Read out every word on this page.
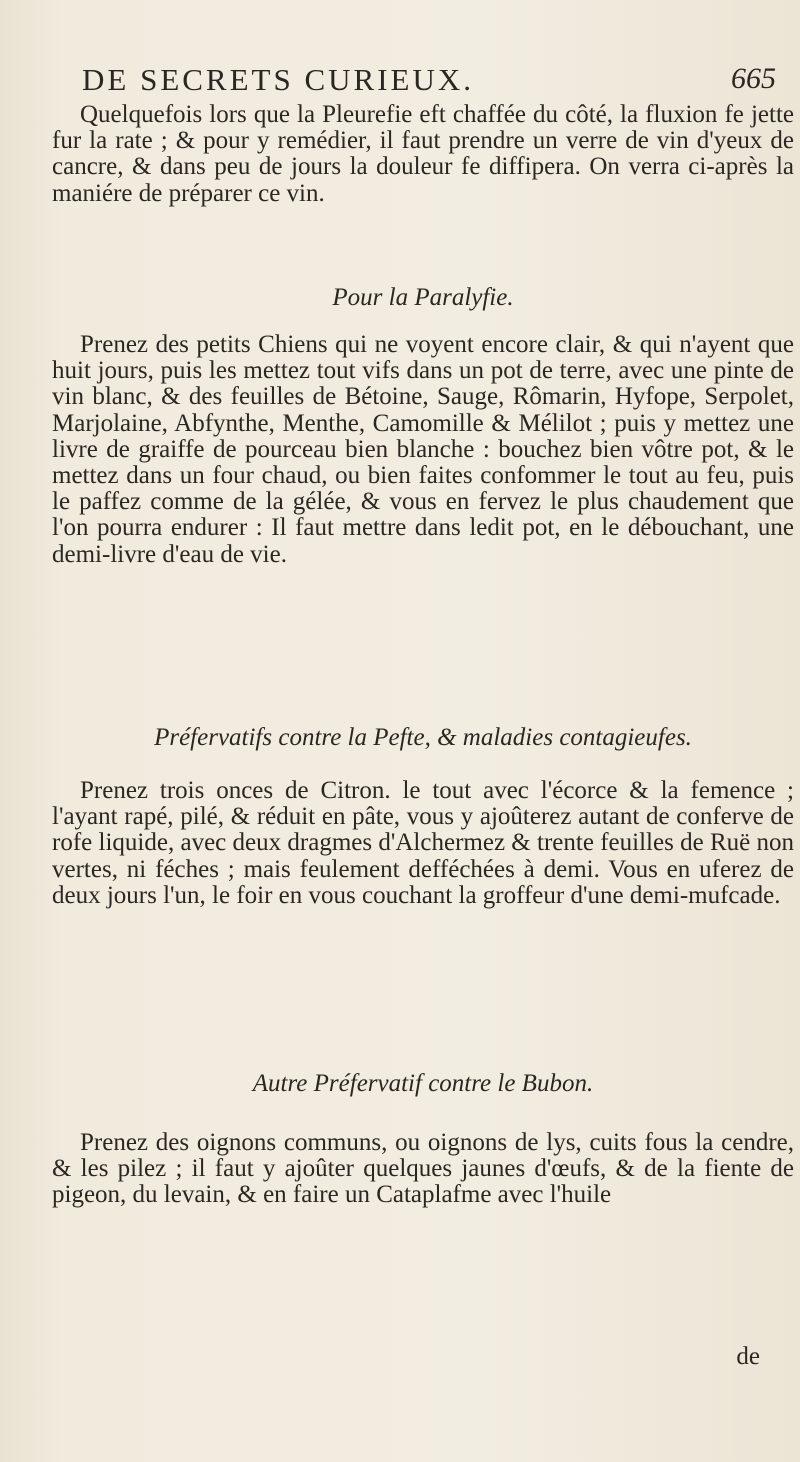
DE SECRETS CURIEUX.	665
Quelquefois lors que la Pleurefie eft chaffée du côté, la fluxion fe jette fur la rate ; & pour y remédier, il faut prendre un verre de vin d'yeux de cancre, & dans peu de jours la douleur fe diffipera. On verra ci-après la maniére de préparer ce vin.
Pour la Paralyfie.
Prenez des petits Chiens qui ne voyent encore clair, & qui n'ayent que huit jours, puis les mettez tout vifs dans un pot de terre, avec une pinte de vin blanc, & des feuilles de Bétoine, Sauge, Rômarin, Hyfope, Serpolet, Marjolaine, Abfynthe, Menthe, Camomille & Mélilot ; puis y mettez une livre de graiffe de pourceau bien blanche : bouchez bien vôtre pot, & le mettez dans un four chaud, ou bien faites confommer le tout au feu, puis le paffez comme de la gélée, & vous en fervez le plus chaudement que l'on pourra endurer : Il faut mettre dans ledit pot, en le débouchant, une demi-livre d'eau de vie.
Préfervatifs contre la Pefte, & maladies contagieufes.
Prenez trois onces de Citron. le tout avec l'écorce & la femence ; l'ayant rapé, pilé, & réduit en pâte, vous y ajoûterez autant de conferve de rofe liquide, avec deux dragmes d'Alchermez & trente feuilles de Ruë non vertes, ni féches ; mais feulement defféchées à demi. Vous en uferez de deux jours l'un, le foir en vous couchant la groffeur d'une demi-mufcade.
Autre Préfervatif contre le Bubon.
Prenez des oignons communs, ou oignons de lys, cuits fous la cendre, & les pilez ; il faut y ajoûter quelques jaunes d'œufs, & de la fiente de pigeon, du levain, & en faire un Cataplafme avec l'huile
de
